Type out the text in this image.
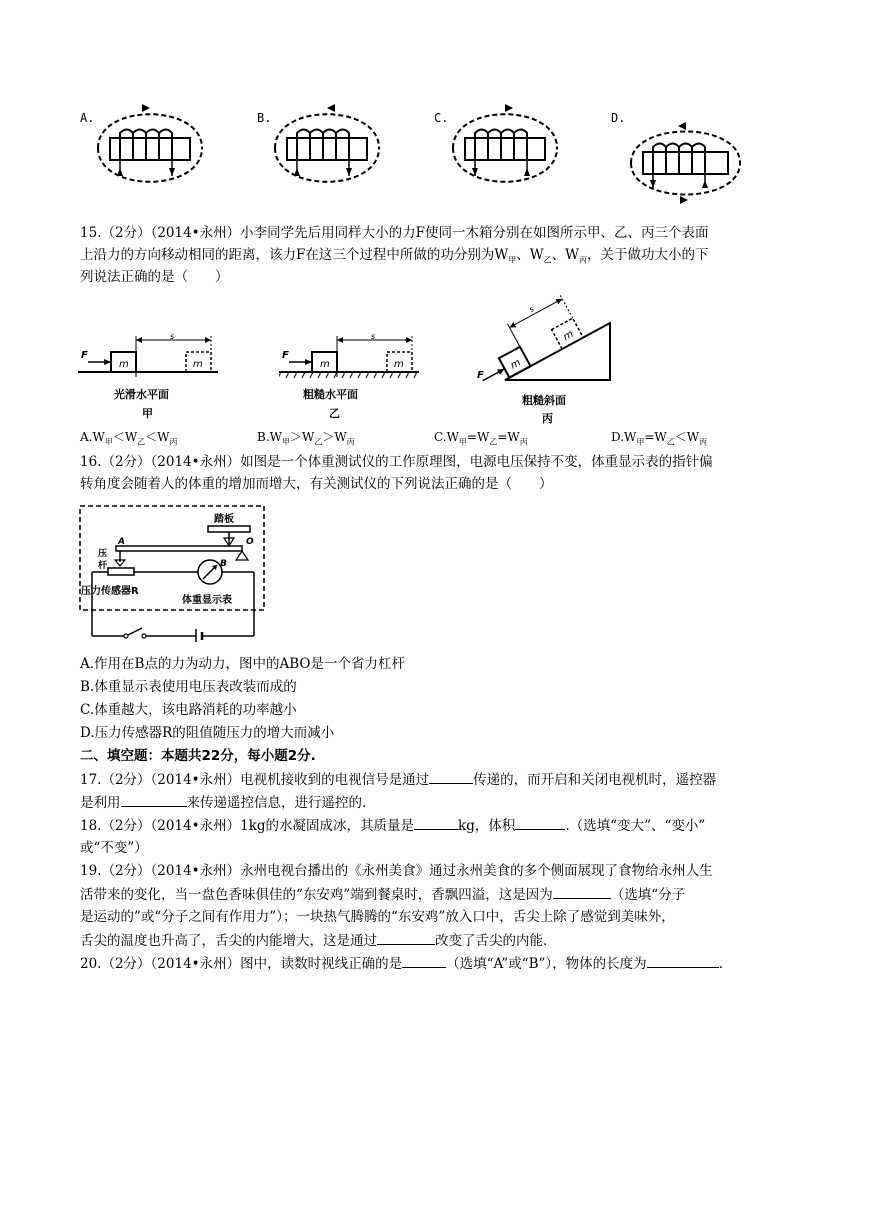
A.	B.	C.	D.
15.（2分）（2014•永州）小李同学先后用同样大小的力F使同一木箱分别在如图所示甲、乙、丙三个表面
上沿力的方向移动相同的距离，该力F在这三个过程中所做的功分别为$W_甲$、$W_乙$、$W_丙$，关于做功大小的下
列说法正确的是（　　）
s
m	m
F
光滑水平面
甲
s
m	m
F
粗糙水平面
乙
m
m
s
F
粗糙斜面
丙
$A.W_甲<W_乙<W_丙$	$B.W_甲>W_乙>W_丙$	$C.W_甲=W_乙=W_丙$	$D.W_甲=W_乙<W_丙$
16.（2分）（2014•永州）如图是一个体重测试仪的工作原理图，电源电压保持不变，体重显示表的指针偏
转角度会随着人的体重的增加而增大，有关测试仪的下列说法正确的是（　　）
踏板
A	O
B
压
杆
压力传感器R
体重显示表
A.作用在B点的力为动力，图中的ABO是一个省力杠杆
B.体重显示表使用电压表改装而成的
C.体重越大，该电路消耗的功率越小
D.压力传感器R的阻值随压力的增大而减小
二、填空题：本题共22分，每小题2分.
17.（2分）（2014•永州）电视机接收到的电视信号是通过	传递的，而开启和关闭电视机时，遥控器
是利用	来传递遥控信息，进行遥控的.
18.（2分）（2014•永州）1kg的水凝固成冰，其质量是	kg，体积	.（选填“变大”、“变小”
或“不变”）
19.（2分）（2014•永州）永州电视台播出的《永州美食》通过永州美食的多个侧面展现了食物给永州人生
活带来的变化，当一盘色香味俱佳的“东安鸡”端到餐桌时，香飘四溢，这是因为	（选填“分子
是运动的”或“分子之间有作用力”）；一块热气腾腾的“东安鸡”放入口中，舌尖上除了感觉到美味外，
舌尖的温度也升高了，舌尖的内能增大，这是通过	改变了舌尖的内能.
20.（2分）（2014•永州）图中，读数时视线正确的是	（选填“A”或“B”），物体的长度为	.
